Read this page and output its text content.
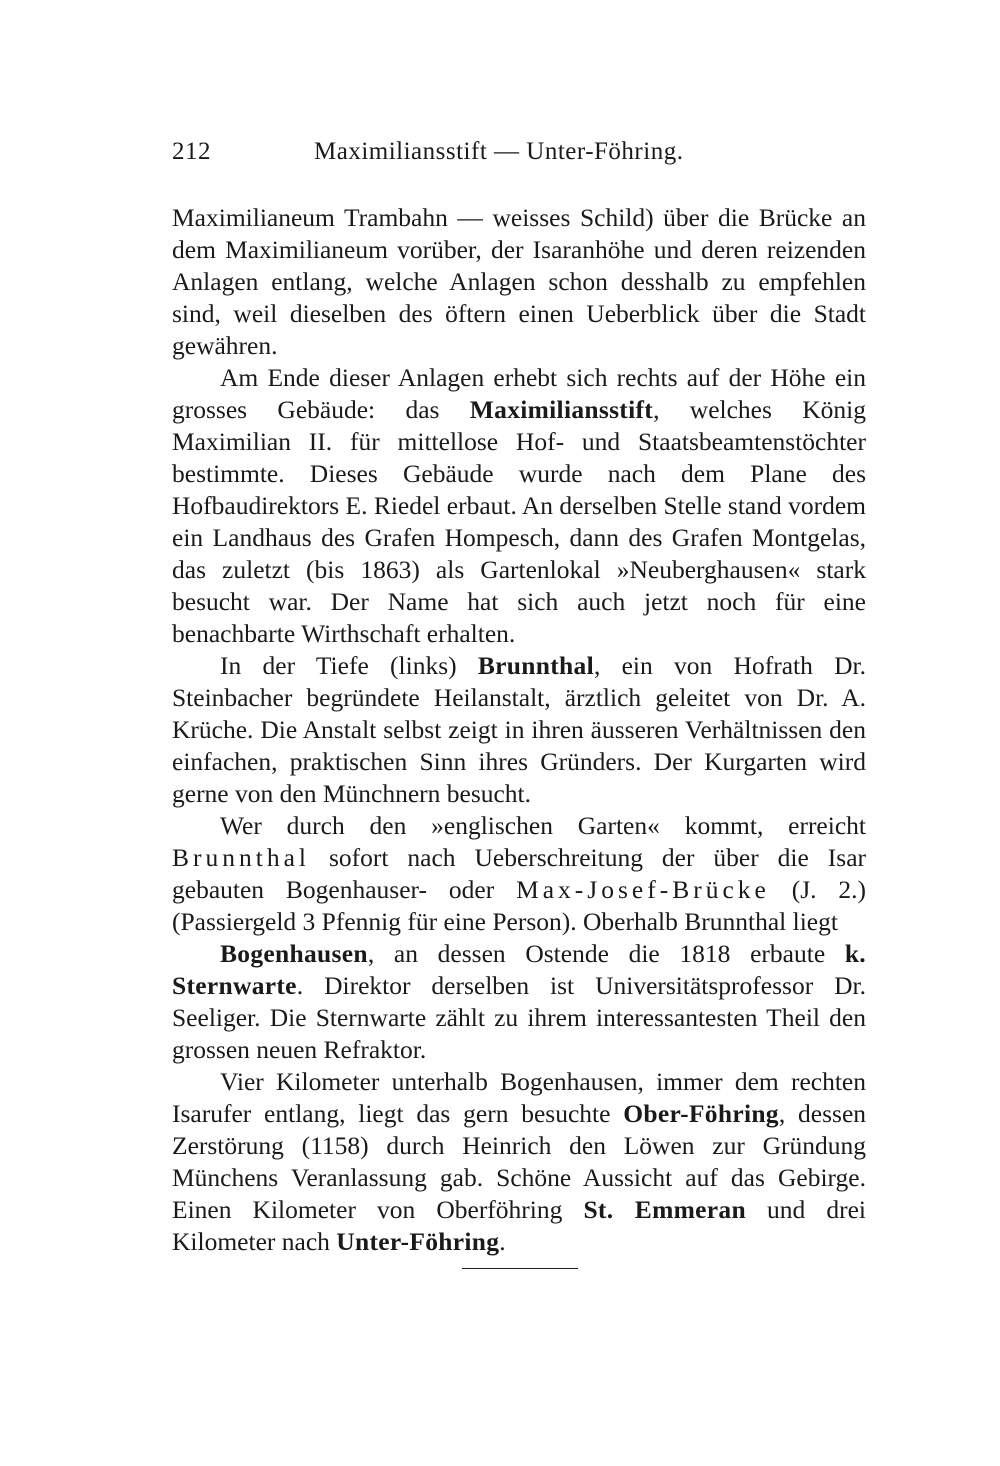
212	Maximiliansstift — Unter-Föhring.

Maximilianeum Trambahn — weisses Schild) über die Brücke an dem Maximilianeum vorüber, der Isaranhöhe und deren reizenden Anlagen entlang, welche Anlagen schon desshalb zu empfehlen sind, weil dieselben des öftern einen Ueberblick über die Stadt gewähren.

Am Ende dieser Anlagen erhebt sich rechts auf der Höhe ein grosses Gebäude: das Maximiliansstift, welches König Maximilian II. für mittellose Hof- und Staatsbeamtenstöchter bestimmte. Dieses Gebäude wurde nach dem Plane des Hofbaudirektors E. Riedel erbaut. An derselben Stelle stand vordem ein Landhaus des Grafen Hompesch, dann des Grafen Montgelas, das zuletzt (bis 1863) als Gartenlokal »Neuberghausen« stark besucht war. Der Name hat sich auch jetzt noch für eine benachbarte Wirthschaft erhalten.

In der Tiefe (links) Brunnthal, ein von Hofrath Dr. Steinbacher begründete Heilanstalt, ärztlich geleitet von Dr. A. Krüche. Die Anstalt selbst zeigt in ihren äusseren Verhältnissen den einfachen, praktischen Sinn ihres Gründers. Der Kurgarten wird gerne von den Münchnern besucht.

Wer durch den »englischen Garten« kommt, erreicht Brunnthal sofort nach Ueberschreitung der über die Isar gebauten Bogenhauser- oder Max-Josef-Brücke (J. 2.) (Passiergeld 3 Pfennig für eine Person). Oberhalb Brunnthal liegt

Bogenhausen, an dessen Ostende die 1818 erbaute k. Sternwarte. Direktor derselben ist Universitätsprofessor Dr. Seeliger. Die Sternwarte zählt zu ihrem interessantesten Theil den grossen neuen Refraktor.

Vier Kilometer unterhalb Bogenhausen, immer dem rechten Isarufer entlang, liegt das gern besuchte Ober-Föhring, dessen Zerstörung (1158) durch Heinrich den Löwen zur Gründung Münchens Veranlassung gab. Schöne Aussicht auf das Gebirge. Einen Kilometer von Oberföhring St. Emmeran und drei Kilometer nach Unter-Föhring.
